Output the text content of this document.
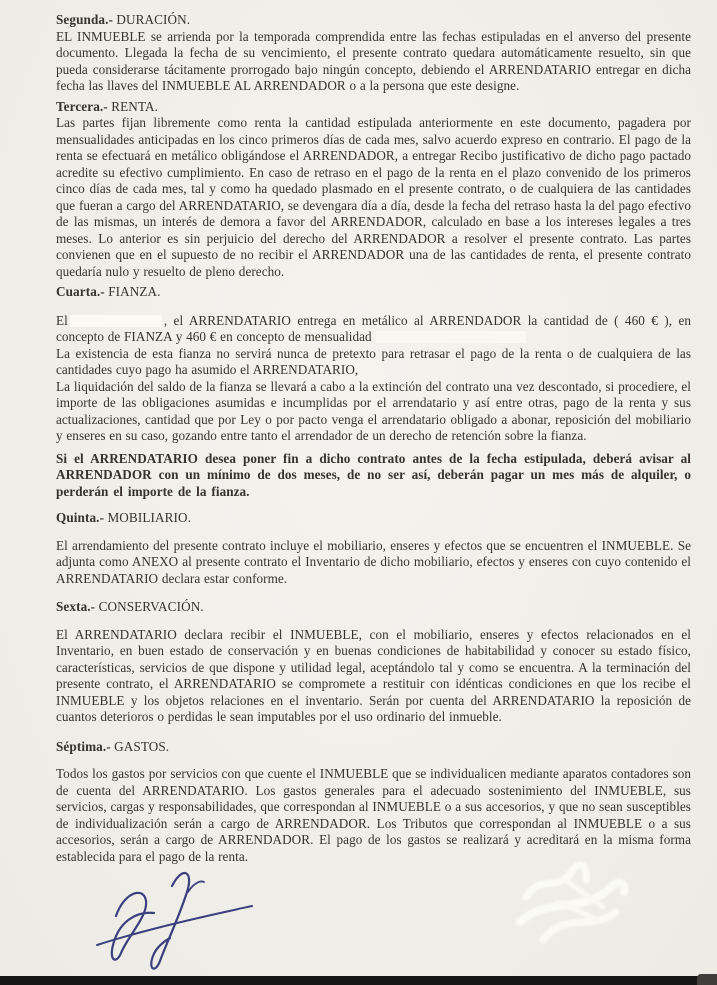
Segunda.- DURACIÓN.

EL INMUEBLE se arrienda por la temporada comprendida entre las fechas estipuladas en el anverso del presente documento. Llegada la fecha de su vencimiento, el presente contrato quedara automáticamente resuelto, sin que pueda considerarse tácitamente prorrogado bajo ningún concepto, debiendo el ARRENDATARIO entregar en dicha fecha las llaves del INMUEBLE AL ARRENDADOR o a la persona que este designe.

Tercera.- RENTA.

Las partes fijan libremente como renta la cantidad estipulada anteriormente en este documento, pagadera por mensualidades anticipadas en los cinco primeros días de cada mes, salvo acuerdo expreso en contrario. El pago de la renta se efectuará en metálico obligándose el ARRENDADOR, a entregar Recibo justificativo de dicho pago pactado acredite su efectivo cumplimiento. En caso de retraso en el pago de la renta en el plazo convenido de los primeros cinco días de cada mes, tal y como ha quedado plasmado en el presente contrato, o de cualquiera de las cantidades que fueran a cargo del ARRENDATARIO, se devengara día a día, desde la fecha del retraso hasta la del pago efectivo de las mismas, un interés de demora a favor del ARRENDADOR, calculado en base a los intereses legales a tres meses. Lo anterior es sin perjuicio del derecho del ARRENDADOR a resolver el presente contrato. Las partes convienen que en el supuesto de no recibir el ARRENDADOR una de las cantidades de renta, el presente contrato quedaría nulo y resuelto de pleno derecho.

Cuarta.- FIANZA.

El	, el ARRENDATARIO entrega en metálico al ARRENDADOR la cantidad de ( 460 € ), en concepto de FIANZA y 460 € en concepto de mensualidad

La existencia de esta fianza no servirá nunca de pretexto para retrasar el pago de la renta o de cualquiera de las cantidades cuyo pago ha asumido el ARRENDATARIO,

La liquidación del saldo de la fianza se llevará a cabo a la extinción del contrato una vez descontado, si procediere, el importe de las obligaciones asumidas e incumplidas por el arrendatario y así entre otras, pago de la renta y sus actualizaciones, cantidad que por Ley o por pacto venga el arrendatario obligado a abonar, reposición del mobiliario y enseres en su caso, gozando entre tanto el arrendador de un derecho de retención sobre la fianza.

Si el ARRENDATARIO desea poner fin a dicho contrato antes de la fecha estipulada, deberá avisar al ARRENDADOR con un mínimo de dos meses, de no ser así, deberán pagar un mes más de alquiler, o perderán el importe de la fianza.

Quinta.- MOBILIARIO.

El arrendamiento del presente contrato incluye el mobiliario, enseres y efectos que se encuentren el INMUEBLE. Se adjunta como ANEXO al presente contrato el Inventario de dicho mobiliario, efectos y enseres con cuyo contenido el ARRENDATARIO declara estar conforme.

Sexta.- CONSERVACIÓN.

El ARRENDATARIO declara recibir el INMUEBLE, con el mobiliario, enseres y efectos relacionados en el Inventario, en buen estado de conservación y en buenas condiciones de habitabilidad y conocer su estado físico, características, servicios de que dispone y utilidad legal, aceptándolo tal y como se encuentra. A la terminación del presente contrato, el ARRENDATARIO se compromete a restituir con idénticas condiciones en que los recibe el INMUEBLE y los objetos relaciones en el inventario. Serán por cuenta del ARRENDATARIO la reposición de cuantos deterioros o perdidas le sean imputables por el uso ordinario del inmueble.

Séptima.- GASTOS.

Todos los gastos por servicios con que cuente el INMUEBLE que se individualicen mediante aparatos contadores son de cuenta del ARRENDATARIO. Los gastos generales para el adecuado sostenimiento del INMUEBLE, sus servicios, cargas y responsabilidades, que correspondan al INMUEBLE o a sus accesorios, y que no sean susceptibles de individualización serán a cargo de ARRENDADOR. Los Tributos que correspondan al INMUEBLE o a sus accesorios, serán a cargo de ARRENDADOR. El pago de los gastos se realizará y acreditará en la misma forma establecida para el pago de la renta.
